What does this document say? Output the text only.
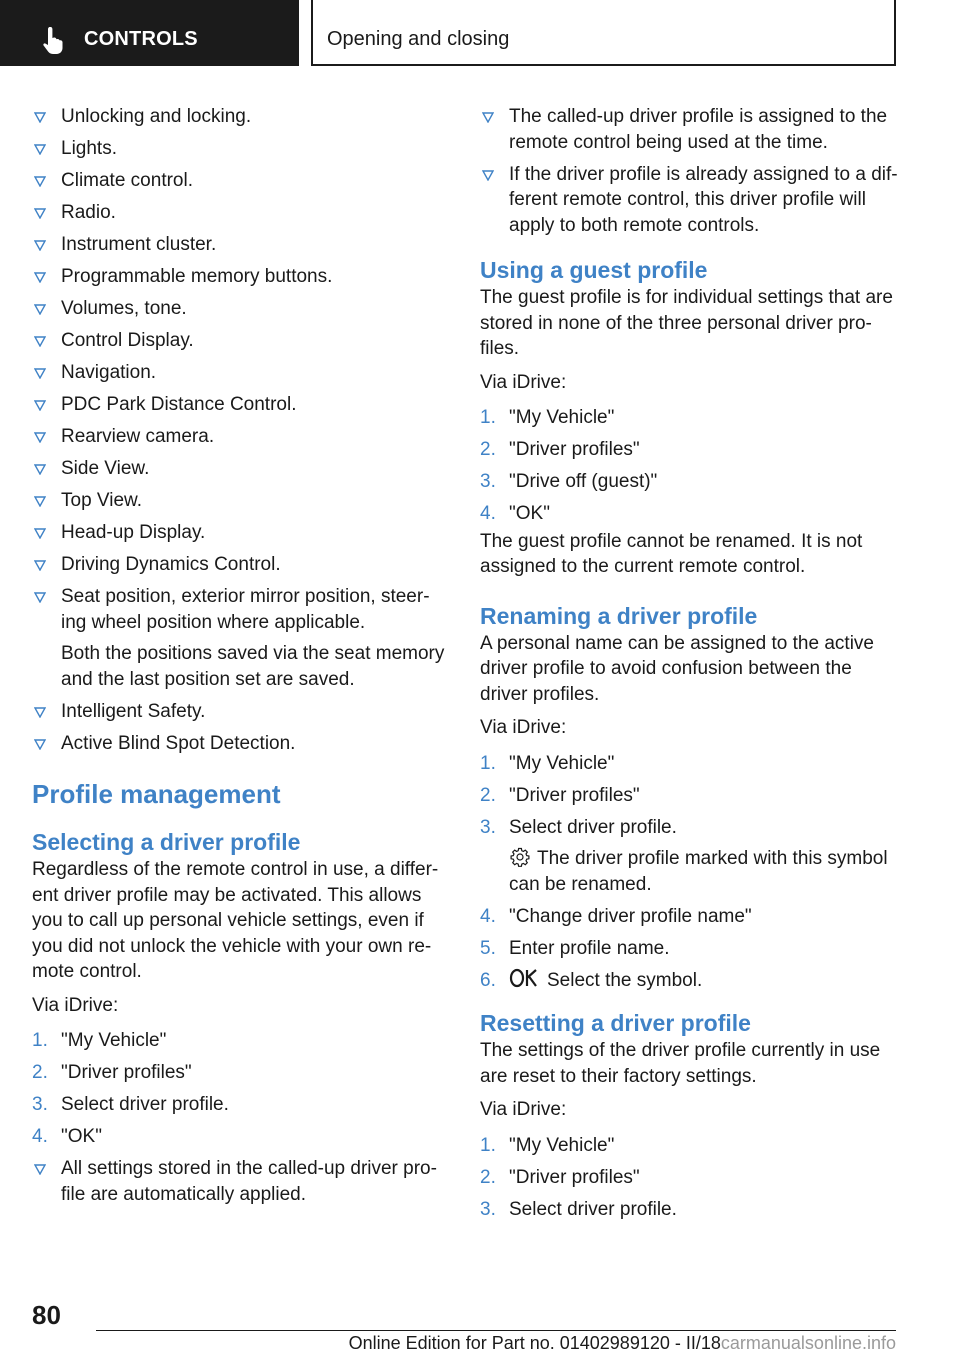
CONTROLS	Opening and closing
Unlocking and locking.
Lights.
Climate control.
Radio.
Instrument cluster.
Programmable memory buttons.
Volumes, tone.
Control Display.
Navigation.
PDC Park Distance Control.
Rearview camera.
Side View.
Top View.
Head-up Display.
Driving Dynamics Control.
Seat position, exterior mirror position, steer-ing wheel position where applicable.
Both the positions saved via the seat memory and the last position set are saved.
Intelligent Safety.
Active Blind Spot Detection.
Profile management
Selecting a driver profile

Regardless of the remote control in use, a differ-ent driver profile may be activated. This allows you to call up personal vehicle settings, even if you did not unlock the vehicle with your own re-mote control.

Via iDrive:

1. "My Vehicle"
2. "Driver profiles"
3. Select driver profile.
4. "OK"
All settings stored in the called-up driver pro-file are automatically applied.
The called-up driver profile is assigned to the remote control being used at the time.
If the driver profile is already assigned to a dif-ferent remote control, this driver profile will apply to both remote controls.
Using a guest profile

The guest profile is for individual settings that are stored in none of the three personal driver pro-files.

Via iDrive:

1. "My Vehicle"
2. "Driver profiles"
3. "Drive off (guest)"
4. "OK"

The guest profile cannot be renamed. It is not assigned to the current remote control.

Renaming a driver profile

A personal name can be assigned to the active driver profile to avoid confusion between the driver profiles.

Via iDrive:

1. "My Vehicle"
2. "Driver profiles"
3. Select driver profile.
The driver profile marked with this symbol can be renamed.
4. "Change driver profile name"
5. Enter profile name.
6.	Select the symbol.
Resetting a driver profile

The settings of the driver profile currently in use are reset to their factory settings.

Via iDrive:

1. "My Vehicle"
2. "Driver profiles"
3. Select driver profile.
80
Online Edition for Part no. 01402989120 - II/18carmanualsonline.info
